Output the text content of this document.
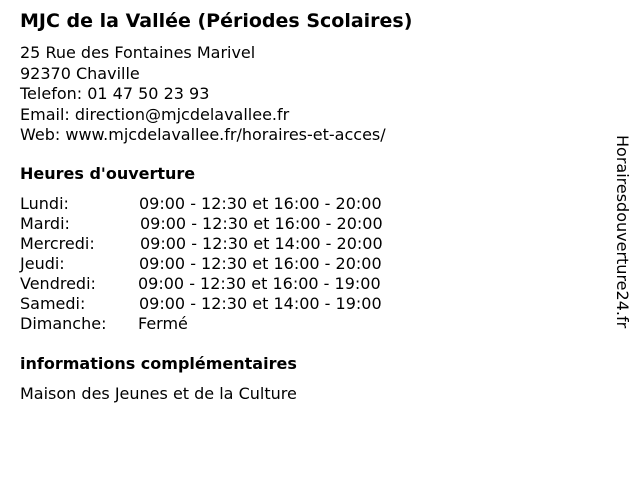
MJC de la Vallée (Périodes Scolaires)
25 Rue des Fontaines Marivel
92370 Chaville
Telefon: 01 47 50 23 93
Email: direction@mjcdelavallee.fr
Web: www.mjcdelavallee.fr/horaires-et-acces/
Heures d'ouverture
Lundi:	09:00 - 12:30 et 16:00 - 20:00
Mardi:	09:00 - 12:30 et 16:00 - 20:00
Mercredi:	09:00 - 12:30 et 14:00 - 20:00
Jeudi:	09:00 - 12:30 et 16:00 - 20:00
Vendredi:	09:00 - 12:30 et 16:00 - 19:00
Samedi:	09:00 - 12:30 et 14:00 - 19:00
Dimanche: Fermé
informations complémentaires
Maison des Jeunes et de la Culture
Horairesdouverture24.fr
